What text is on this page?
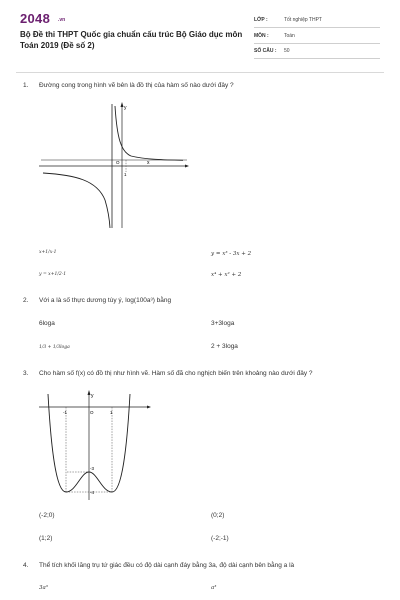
2048 .vn
Bộ Đề thi THPT Quốc gia chuẩn cấu trúc Bộ Giáo dục môn Toán 2019 (Đề số 2)
LỚP :	Tốt nghiệp THPT
MÔN :	Toán
SỐ CÂU : 50
1. Đường cong trong hình vẽ bên là đồ thị của hàm số nào dưới đây ?
y
O	x
1
x+1/x-1	y = x³ - 3x + 2
y = x+1/2-1	x⁴ + x² + 2
2. Với a là số thực dương tùy ý, log(100a³) bằng
6loga	3+3loga
1/3 + 1/3loga	2 + 3loga
3. Cho hàm số f(x) có đồ thị như hình vẽ. Hàm số đã cho nghịch biến trên khoảng nào dưới đây ?
y
O
-1	1
-3
-4
(-2;0)	(0;2)
(1;2)	(-2;-1)
4. Thể tích khối lăng trụ tứ giác đều có độ dài cạnh đáy bằng 3a, độ dài cạnh bên bằng a là
3a³	a³
